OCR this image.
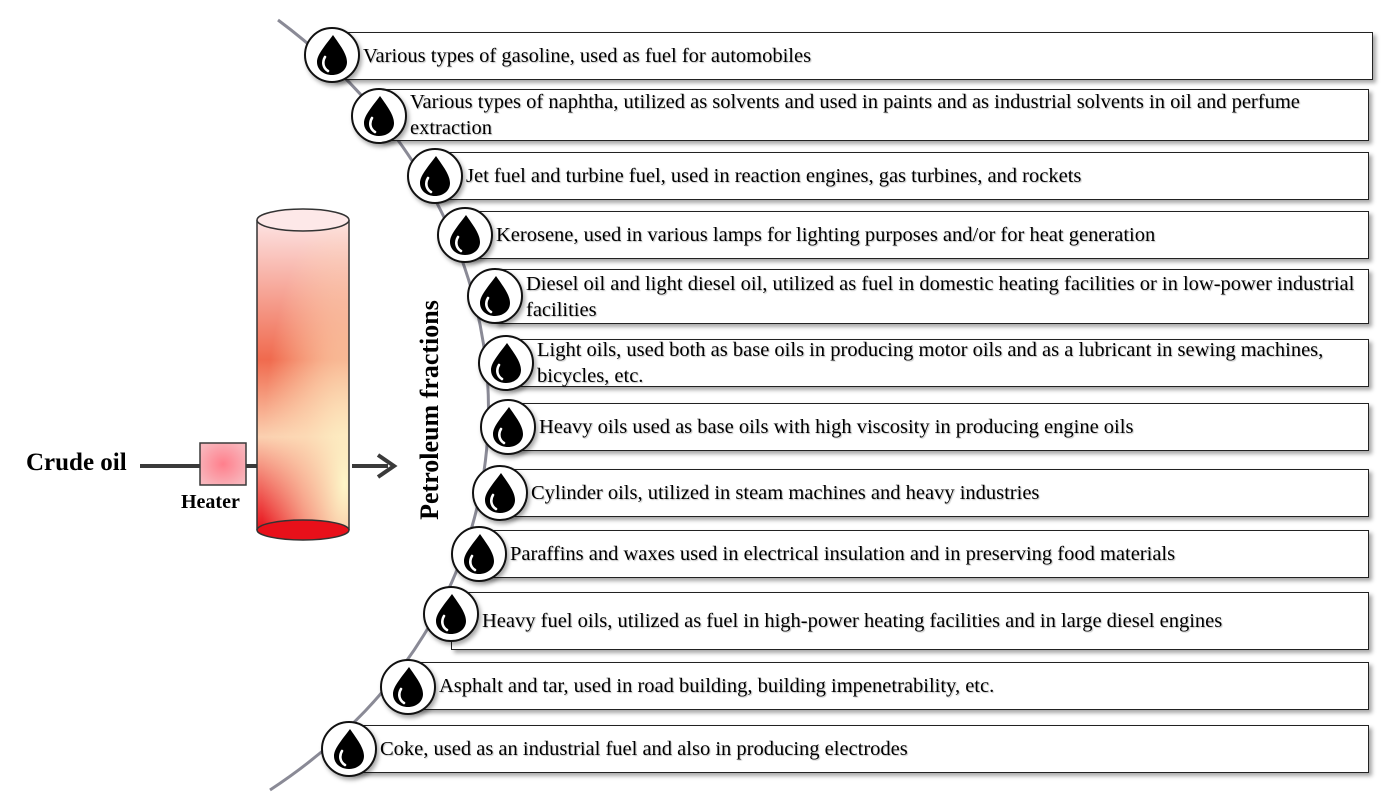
Crude oil
Heater	Petroleum fractions
Various types of gasoline, used as fuel for automobiles
Various types of naphtha, utilized as solvents and used in paints and as industrial solvents in oil and perfume extraction
Jet fuel and turbine fuel, used in reaction engines, gas turbines, and rockets
Kerosene, used in various lamps for lighting purposes and/or for heat generation
Diesel oil and light diesel oil, utilized as fuel in domestic heating facilities or in low-power industrial facilities
Light oils, used both as base oils in producing motor oils and as a lubricant in sewing machines, bicycles, etc.
Heavy oils used as base oils with high viscosity in producing engine oils
Cylinder oils, utilized in steam machines and heavy industries
Paraffins and waxes used in electrical insulation and in preserving food materials
Heavy fuel oils, utilized as fuel in high-power heating facilities and in large diesel engines
Asphalt and tar, used in road building, building impenetrability, etc.
Coke, used as an industrial fuel and also in producing electrodes
